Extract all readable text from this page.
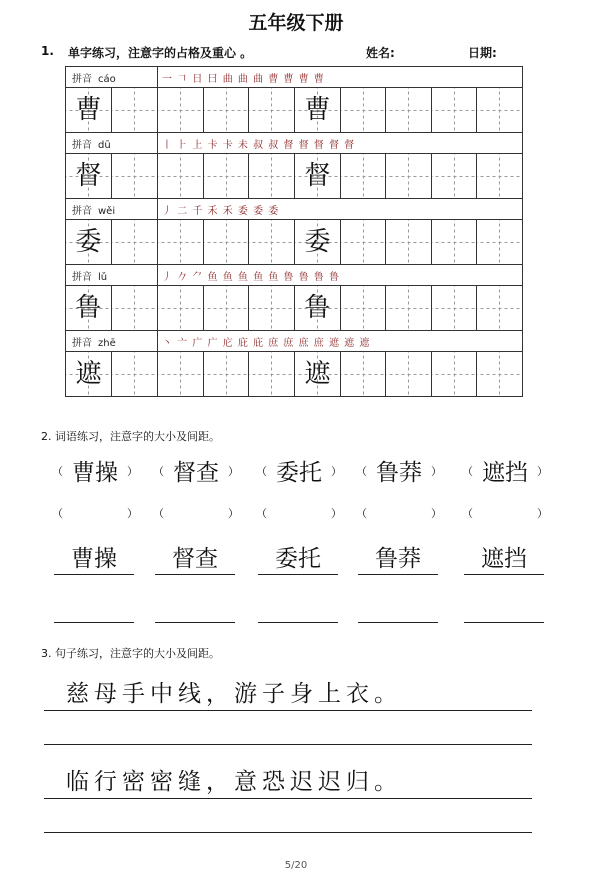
五年级下册
1. 单字练习，注意字的占格及重心 。	姓名:	日期:
拼音 cáo		一 𠃍 日 曰 曲 曲 曲 曹 曹 曹 曹							

曹					曹				

拼音 dū		丨 ⺊ 上 卡 卡 未 叔 叔 督 督 督 督 督							

督					督				

拼音 wěi		丿 二 千 禾 禾 委 委 委							

委					委				

拼音 lǔ		丿 𠂊 ⺈ 鱼 鱼 鱼 鱼 鱼 鲁 鲁 鲁 鲁							

鲁					鲁				

拼音 zhē		丶 亠 广 广 庀 庇 庇 庶 庶 庶 庶 遮 遮 遮							

遮					遮				

2. 词语练习，注意字的大小及间距。
（ 曹操 ）
（	）
曹操
（ 督查 ）
（	）
督查
（ 委托 ）
（	）
委托
（ 鲁莽 ）
（	）
鲁莽
（ 遮挡 ）
（	）
遮挡
3. 句子练习，注意字的大小及间距。
慈母手中线，游子身上衣。
临行密密缝，意恐迟迟归。
5/20
